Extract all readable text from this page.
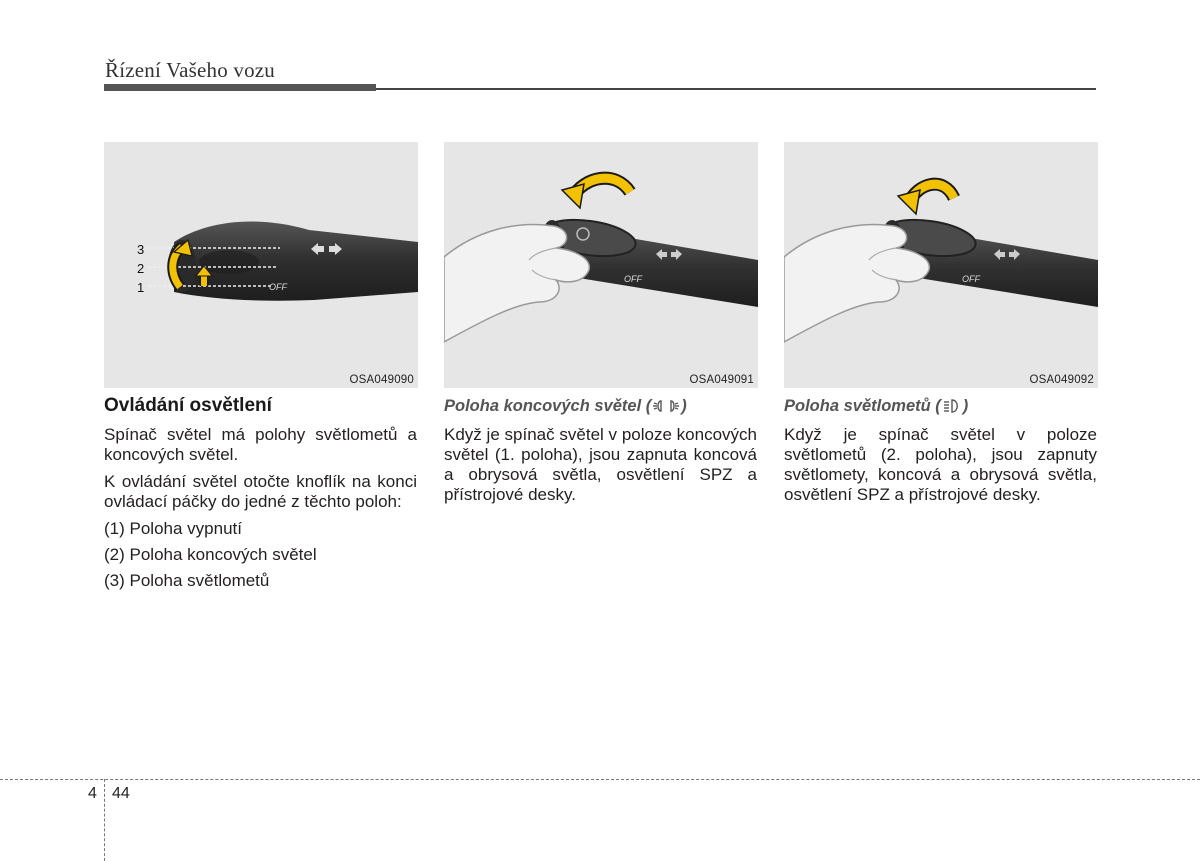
Řízení Vašeho vozu
3
2
1	OFF
OSA049090
OFF
OSA049091
OFF
OSA049092
Ovládání osvětlení

Spínač světel má polohy světlometů a koncových světel.

K ovládání světel otočte knoflík na konci ovládací páčky do jedné z těchto poloh:

(1) Poloha vypnutí

(2) Poloha koncových světel

(3) Poloha světlometů

Poloha koncových světel ( )

Když je spínač světel v poloze koncových světel (1. poloha), jsou zapnuta koncová a obrysová světla, osvětlení SPZ a přístrojové desky.

Poloha světlometů ( )

Když je spínač světel v poloze světlometů (2. poloha), jsou zapnuty světlomety, koncová a obrysová světla, osvětlení SPZ a přístrojové desky.

4 44
